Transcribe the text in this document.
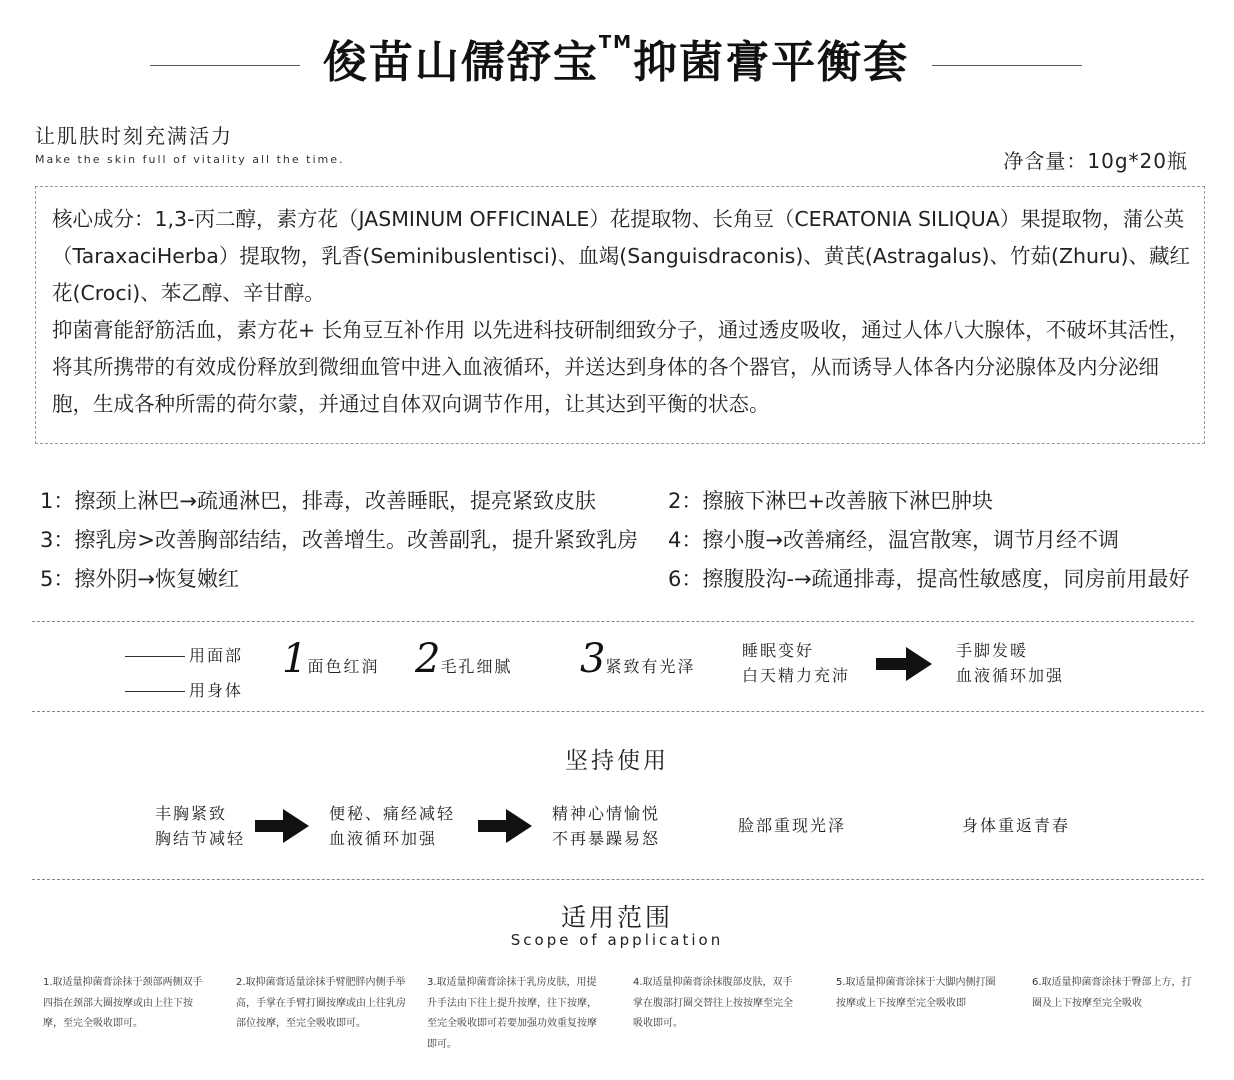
俊苗山儒舒宝™抑菌膏平衡套
让肌肤时刻充满活力
Make the skin full of vitality all the time.	净含量：10g*20瓶

核心成分：1,3-丙二醇，素方花（JASMINUM OFFICINALE）花提取物、长角豆（CERATONIA SILIQUA）果提取物，蒲公英（TaraxaciHerba）提取物，乳香(Seminibuslentisci)、血竭(Sanguisdraconis)、黄芪(Astragalus)、竹茹(Zhuru)、藏红花(Croci)、苯乙醇、辛甘醇。

抑菌膏能舒筋活血，素方花+ 长角豆互补作用 以先进科技研制细致分子，通过透皮吸收，通过人体八大腺体，不破坏其活性，将其所携带的有效成份释放到微细血管中进入血液循环，并送达到身体的各个器官，从而诱导人体各内分泌腺体及内分泌细胞，生成各种所需的荷尔蒙，并通过自体双向调节作用，让其达到平衡的状态。

1：擦颈上淋巴→疏通淋巴，排毒，改善睡眠，提亮紧致皮肤	2：擦腋下淋巴+改善腋下淋巴肿块
3：擦乳房>改善胸部结结，改善增生。改善副乳，提升紧致乳房 4：擦小腹→改善痛经，温宫散寒，调节月经不调
5：擦外阴→恢复嫩红	6：擦腹股沟-→疏通排毒，提高性敏感度，同房前用最好
用面部
用身体
1面色红润 2毛孔细腻 3紧致有光泽
睡眠变好
白天精力充沛
手脚发暖
血液循环加强
坚持使用
丰胸紧致
胸结节减轻
便秘、痛经减轻
血液循环加强
精神心情愉悦
不再暴躁易怒
脸部重现光泽	身体重返青春
适用范围
Scope of application
1.取适量抑菌膏涂抹于颈部两侧双手四指在颈部大圈按摩或由上往下按摩，至完全吸收即可。
2.取抑菌膏适量涂抹手臂肥胖内侧手举高，手掌在手臂打圈按摩或由上往乳房部位按摩，至完全吸收即可。
3.取适量抑菌膏涂抹于乳房皮肤，用提升手法由下往上提升按摩，往下按摩，至完全吸收即可若要加强功效重复按摩即可。
4.取适量抑菌膏涂抹腹部皮肤，双手掌在腹部打圈交替往上按按摩至完全吸收即可。
5.取适量抑菌膏涂抹于大脚内侧打圈按摩或上下按摩至完全吸收即
6.取适量抑菌膏涂抹于臀部上方，打圈及上下按摩至完全吸收
